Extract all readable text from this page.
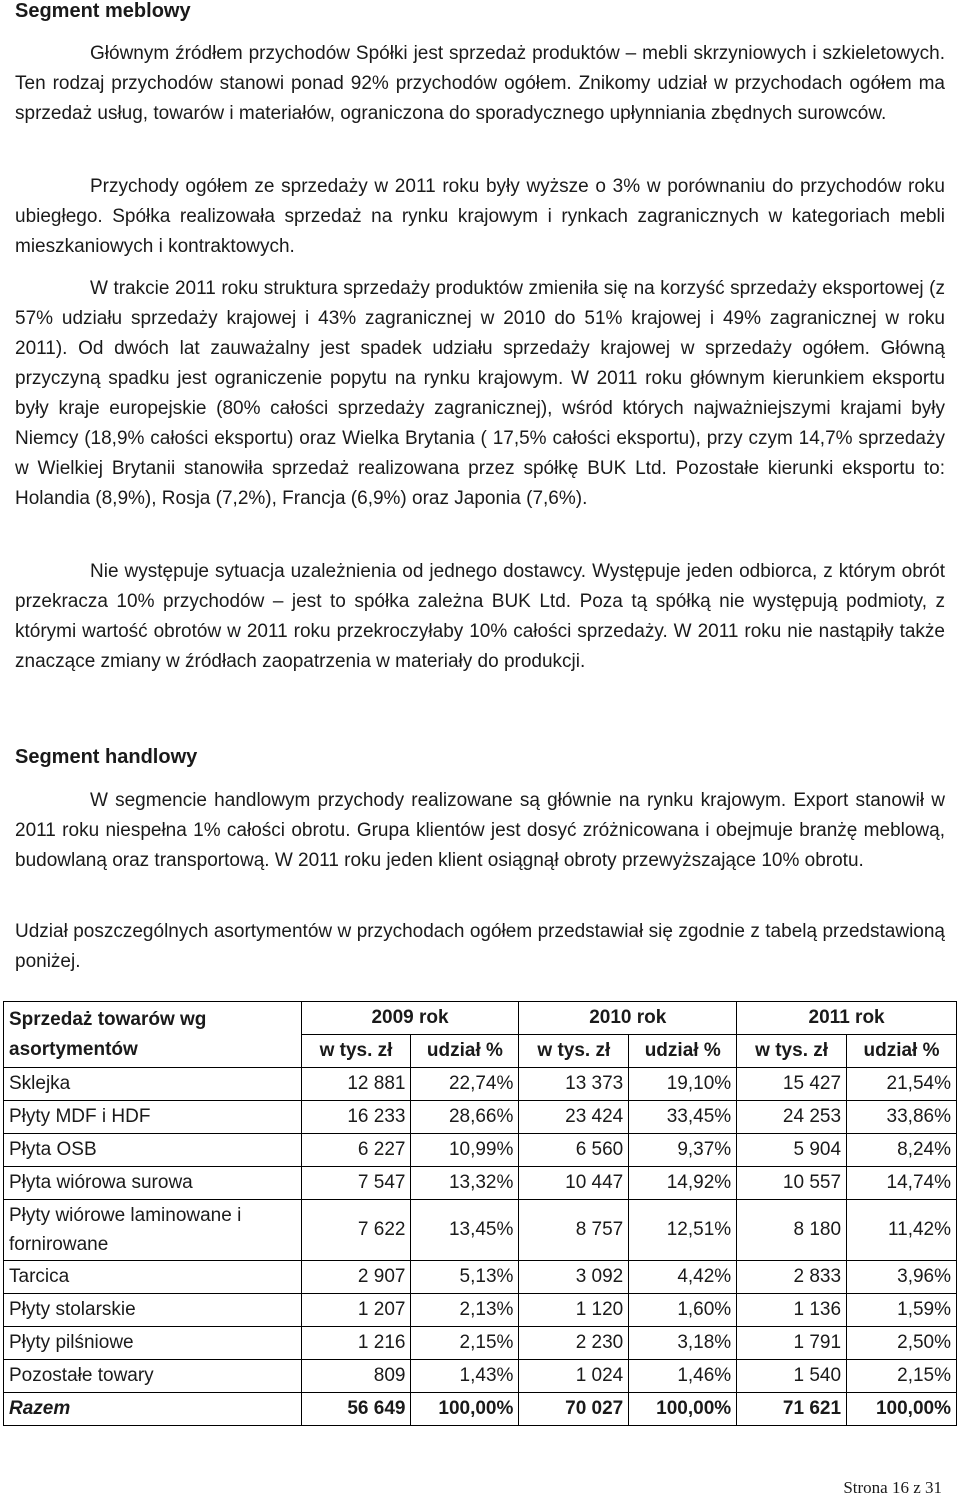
Segment meblowy

Głównym źródłem przychodów Spółki jest sprzedaż produktów – mebli skrzyniowych i szkieletowych. Ten rodzaj przychodów stanowi ponad 92% przychodów ogółem. Znikomy udział w przychodach ogółem ma sprzedaż usług, towarów i materiałów, ograniczona do sporadycznego upłynniania zbędnych surowców.

Przychody ogółem ze sprzedaży w 2011 roku były wyższe o 3% w porównaniu do przychodów roku ubiegłego. Spółka realizowała sprzedaż na rynku krajowym i rynkach zagranicznych w kategoriach mebli mieszkaniowych i kontraktowych.

W trakcie 2011 roku struktura sprzedaży produktów zmieniła się na korzyść sprzedaży eksportowej (z 57% udziału sprzedaży krajowej i 43% zagranicznej w 2010 do 51% krajowej i 49% zagranicznej w roku 2011). Od dwóch lat zauważalny jest spadek udziału sprzedaży krajowej w sprzedaży ogółem. Główną przyczyną spadku jest ograniczenie popytu na rynku krajowym. W 2011 roku głównym kierunkiem eksportu były kraje europejskie (80% całości sprzedaży zagranicznej), wśród których najważniejszymi krajami były Niemcy (18,9% całości eksportu) oraz Wielka Brytania ( 17,5% całości eksportu), przy czym 14,7% sprzedaży w Wielkiej Brytanii stanowiła sprzedaż realizowana przez spółkę BUK Ltd. Pozostałe kierunki eksportu to: Holandia (8,9%), Rosja (7,2%), Francja (6,9%) oraz Japonia (7,6%).

Nie występuje sytuacja uzależnienia od jednego dostawcy. Występuje jeden odbiorca, z którym obrót przekracza 10% przychodów – jest to spółka zależna BUK Ltd. Poza tą spółką nie występują podmioty, z którymi wartość obrotów w 2011 roku przekroczyłaby 10% całości sprzedaży. W 2011 roku nie nastąpiły także znaczące zmiany w źródłach zaopatrzenia w materiały do produkcji.

Segment handlowy

W segmencie handlowym przychody realizowane są głównie na rynku krajowym. Export stanowił w 2011 roku niespełna 1% całości obrotu. Grupa klientów jest dosyć zróżnicowana i obejmuje branżę meblową, budowlaną oraz transportową. W 2011 roku jeden klient osiągnął obroty przewyższające 10% obrotu.

Udział poszczególnych asortymentów w przychodach ogółem przedstawiał się zgodnie z tabelą przedstawioną poniżej.

Sprzedaż towarów wg asortymentów	2009 rok		2010 rok		2011 rok	
	w tys. zł	udział %	w tys. zł	udział %	w tys. zł	udział %
Sklejka	12 881	22,74%	13 373	19,10%	15 427	21,54%
Płyty MDF i HDF	16 233	28,66%	23 424	33,45%	24 253	33,86%
Płyta OSB	6 227	10,99%	6 560	9,37%	5 904	8,24%
Płyta wiórowa surowa	7 547	13,32%	10 447	14,92%	10 557	14,74%
Płyty wiórowe laminowane i fornirowane	7 622	13,45%	8 757	12,51%	8 180	11,42%
Tarcica	2 907	5,13%	3 092	4,42%	2 833	3,96%
Płyty stolarskie	1 207	2,13%	1 120	1,60%	1 136	1,59%
Płyty pilśniowe	1 216	2,15%	2 230	3,18%	1 791	2,50%
Pozostałe towary	809	1,43%	1 024	1,46%	1 540	2,15%
Razem	56 649	100,00%	70 027	100,00%	71 621	100,00%
Strona 16 z 31
